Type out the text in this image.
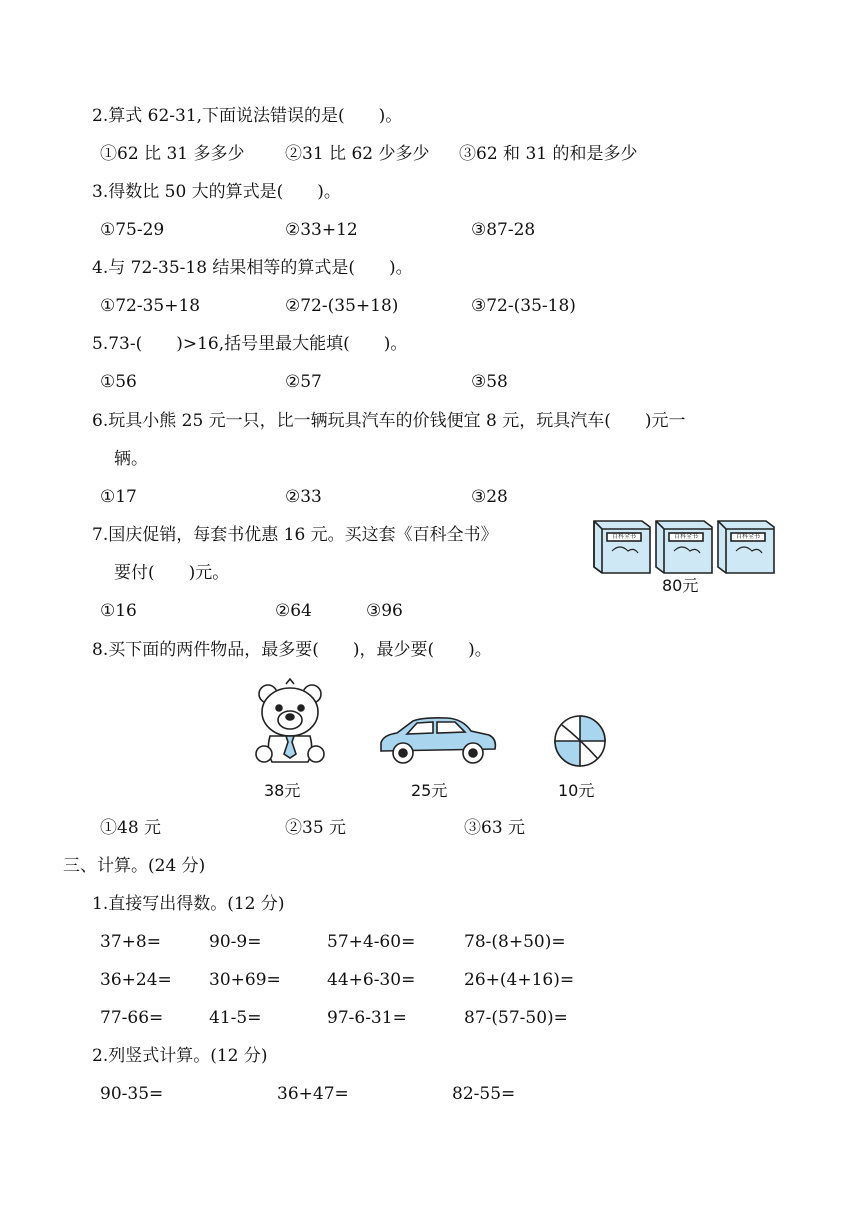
2.算式 62-31,下面说法错误的是(　　)。
①62 比 31 多多少 ②31 比 62 少多少 ③62 和 31 的和是多少
3.得数比 50 大的算式是(　　)。
①75-29	②33+12	③87-28
4.与 72-35-18 结果相等的算式是(　　)。
①72-35+18	②72-(35+18)	③72-(35-18)
5.73-(　　)>16,括号里最大能填(　　)。
①56	②57	③58
6.玩具小熊 25 元一只，比一辆玩具汽车的价钱便宜 8 元，玩具汽车(　　)元一
辆。
①17	②33	③28
7.国庆促销，每套书优惠 16 元。买这套《百科全书》
要付(　　)元。
①16	②64	③96
百科全书	百科全书	百科全书
80元
8.买下面的两件物品，最多要(　　)，最少要(　　)。
38元	25元	10元
①48 元	②35 元	③63 元
三、计算。(24 分)
1.直接写出得数。(12 分)
37+8=	90-9=	57+4-60=	78-(8+50)=
36+24= 30+69=	44+6-30=	26+(4+16)=
77-66=	41-5=	97-6-31=	87-(57-50)=
2.列竖式计算。(12 分)
90-35=	36+47=	82-55=
